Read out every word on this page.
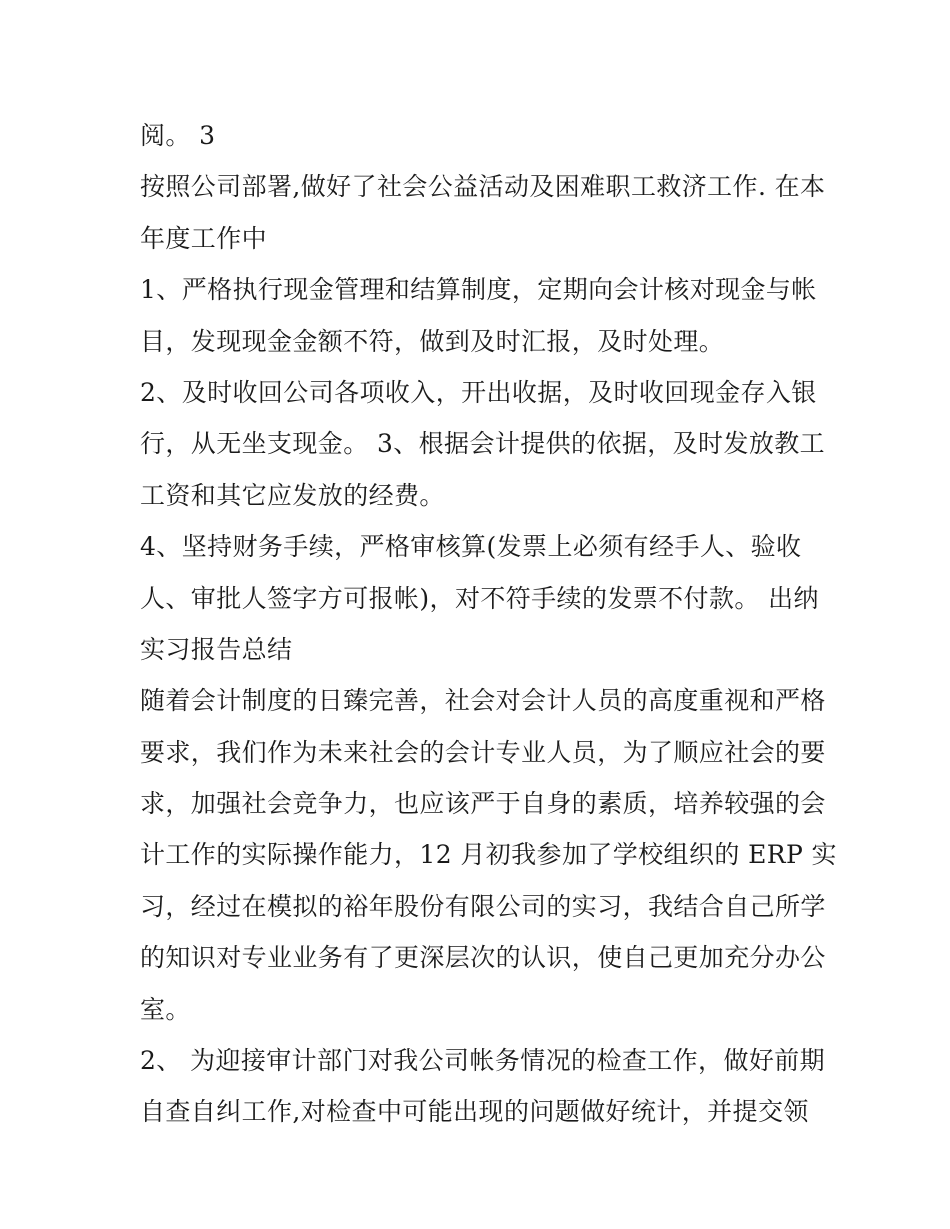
阅。 3
按照公司部署,做好了社会公益活动及困难职工救济工作. 在本
年度工作中
1、严格执行现金管理和结算制度，定期向会计核对现金与帐
目，发现现金金额不符，做到及时汇报，及时处理。
2、及时收回公司各项收入，开出收据，及时收回现金存入银
行，从无坐支现金。 3、根据会计提供的依据，及时发放教工
工资和其它应发放的经费。
4、坚持财务手续，严格审核算(发票上必须有经手人、验收
人、审批人签字方可报帐)，对不符手续的发票不付款。 出纳
实习报告总结
随着会计制度的日臻完善，社会对会计人员的高度重视和严格
要求，我们作为未来社会的会计专业人员，为了顺应社会的要
求，加强社会竞争力，也应该严于自身的素质，培养较强的会
计工作的实际操作能力，12 月初我参加了学校组织的 ERP 实
习，经过在模拟的裕年股份有限公司的实习，我结合自己所学
的知识对专业业务有了更深层次的认识，使自己更加充分办公
室。
2、 为迎接审计部门对我公司帐务情况的检查工作，做好前期
自查自纠工作,对检查中可能出现的问题做好统计，并提交领
